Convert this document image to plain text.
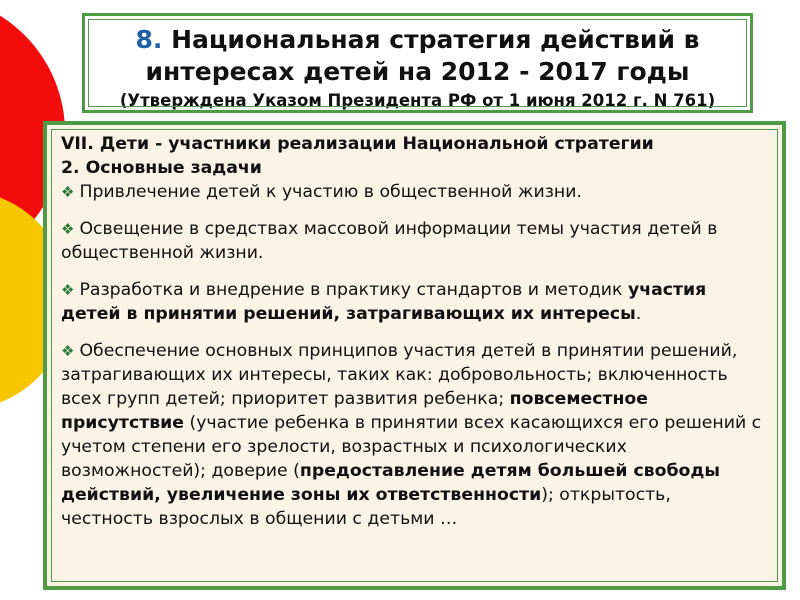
8. Национальная стратегия действий в
интересах детей на 2012 - 2017 годы
(Утверждена Указом Президента РФ от 1 июня 2012 г. N 761)
VII. Дети - участники реализации Национальной стратегии
2. Основные задачи

❖ Привлечение детей к участию в общественной жизни.

❖ Освещение в средствах массовой информации темы участия детей в общественной жизни.

❖ Разработка и внедрение в практику стандартов и методик участия детей в принятии решений, затрагивающих их интересы.

❖ Обеспечение основных принципов участия детей в принятии решений, затрагивающих их интересы, таких как: добровольность; включенность всех групп детей; приоритет развития ребенка; повсеместное присутствие (участие ребенка в принятии всех касающихся его решений с учетом степени его зрелости, возрастных и психологических возможностей); доверие (предоставление детям большей свободы действий, увеличение зоны их ответственности); открытость, честность взрослых в общении с детьми …
